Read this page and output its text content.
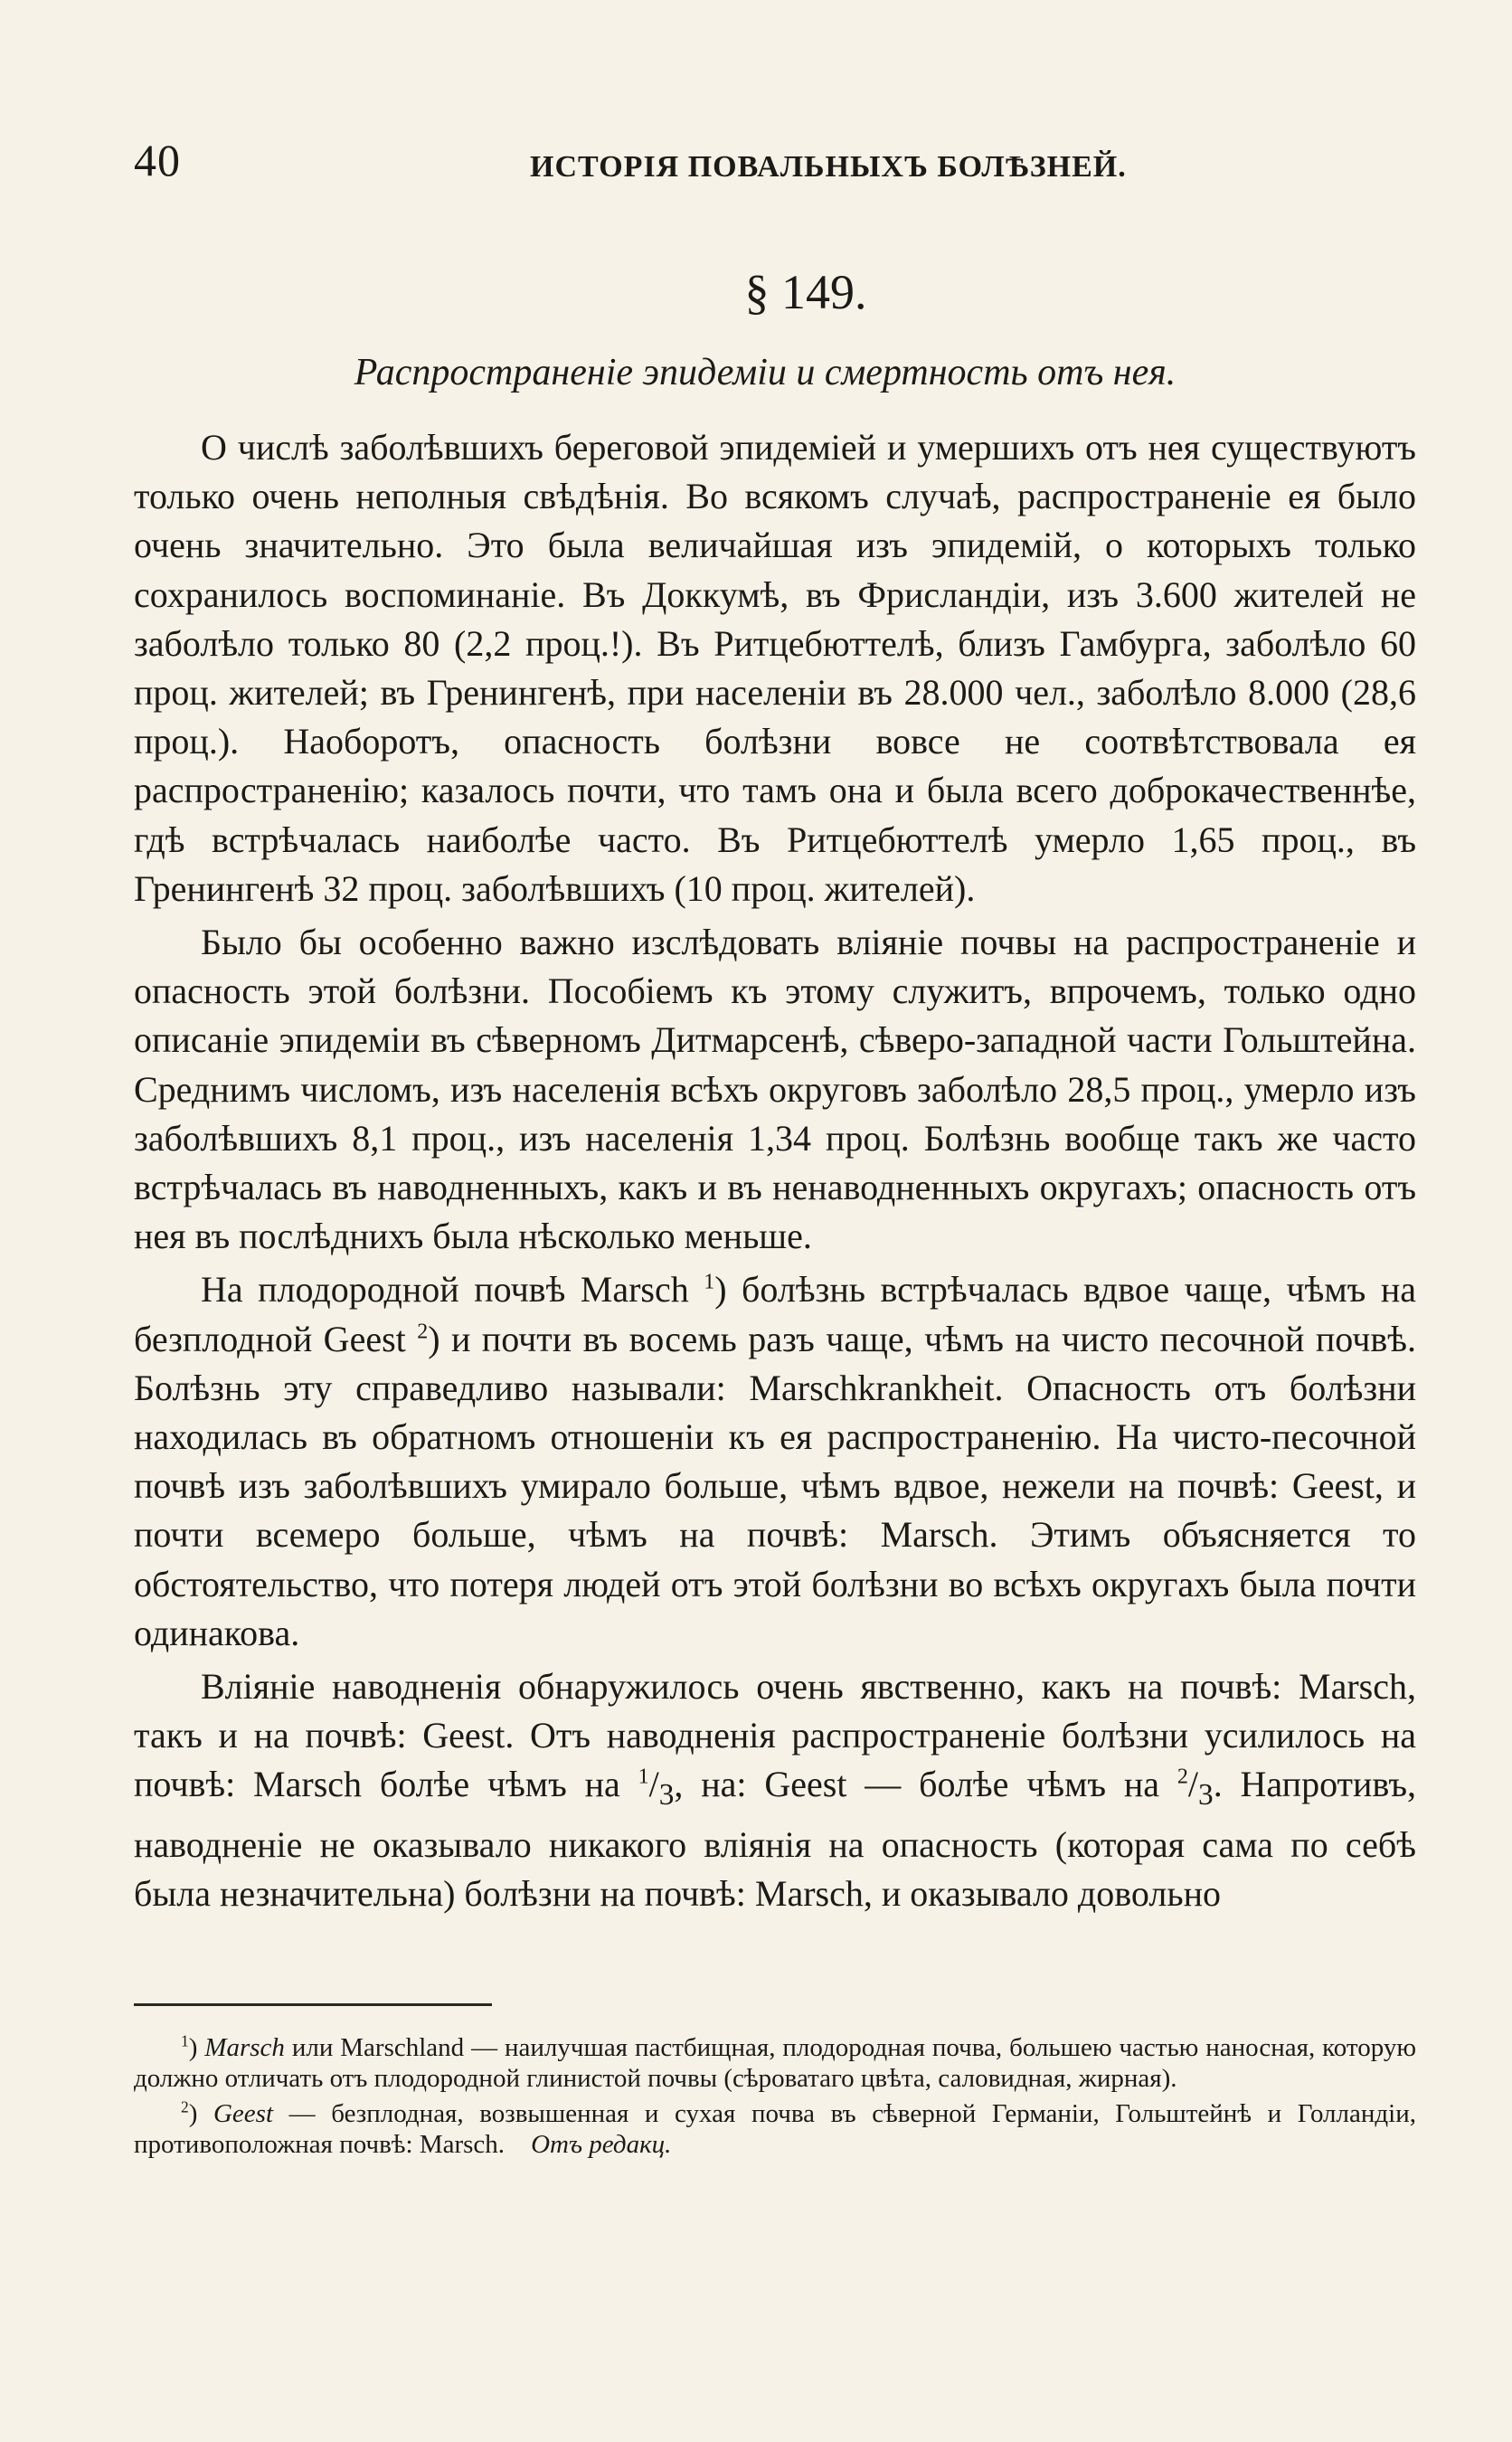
40	ИСТОРІЯ ПОВАЛЬНЫХЪ БОЛѢЗНЕЙ.
§ 149.
Распространеніе эпидеміи и смертность отъ нея.

О числѣ заболѣвшихъ береговой эпидеміей и умершихъ отъ нея существуютъ только очень неполныя свѣдѣнія. Во всякомъ случаѣ, распространеніе ея было очень значительно. Это была величайшая изъ эпидемій, о которыхъ только сохранилось воспоминаніе. Въ Доккумѣ, въ Фрисландіи, изъ 3.600 жителей не заболѣло только 80 (2,2 проц.!). Въ Ритцебюттелѣ, близъ Гамбурга, заболѣло 60 проц. жителей; въ Гренингенѣ, при населеніи въ 28.000 чел., заболѣло 8.000 (28,6 проц.). Наоборотъ, опасность болѣзни вовсе не соотвѣтствовала ея распространенію; казалось почти, что тамъ она и была всего доброкачественнѣе, гдѣ встрѣчалась наиболѣе часто. Въ Ритцебюттелѣ умерло 1,65 проц., въ Гренингенѣ 32 проц. заболѣвшихъ (10 проц. жителей).

Было бы особенно важно изслѣдовать вліяніе почвы на распространеніе и опасность этой болѣзни. Пособіемъ къ этому служитъ, впрочемъ, только одно описаніе эпидеміи въ сѣверномъ Дитмарсенѣ, сѣверо-западной части Гольштейна. Среднимъ числомъ, изъ населенія всѣхъ округовъ заболѣло 28,5 проц., умерло изъ заболѣвшихъ 8,1 проц., изъ населенія 1,34 проц. Болѣзнь вообще такъ же часто встрѣчалась въ наводненныхъ, какъ и въ ненаводненныхъ округахъ; опасность отъ нея въ послѣднихъ была нѣсколько меньше.

На плодородной почвѣ Marsch $^1$) болѣзнь встрѣчалась вдвое чаще, чѣмъ на безплодной Geest $^2$) и почти въ восемь разъ чаще, чѣмъ на чисто песочной почвѣ. Болѣзнь эту справедливо называли: Marschkrankheit. Опасность отъ болѣзни находилась въ обратномъ отношеніи къ ея распространенію. На чисто-песочной почвѣ изъ заболѣвшихъ умирало больше, чѣмъ вдвое, нежели на почвѣ: Geest, и почти всемеро больше, чѣмъ на почвѣ: Marsch. Этимъ объясняется то обстоятельство, что потеря людей отъ этой болѣзни во всѣхъ округахъ была почти одинакова.

Вліяніе наводненія обнаружилось очень явственно, какъ на почвѣ: Marsch, такъ и на почвѣ: Geest. Отъ наводненія распространеніе болѣзни усилилось на почвѣ: Marsch болѣе чѣмъ на $^1/_3$, на: Geest — болѣе чѣмъ на $^2/_3$. Напротивъ, наводненіе не оказывало никакого вліянія на опасность (которая сама по себѣ была незначительна) болѣзни на почвѣ: Marsch, и оказывало довольно

$^1$) Marsch или Marschland — наилучшая пастбищная, плодородная почва, большею частью наносная, которую должно отличать отъ плодородной глинистой почвы (сѣроватаго цвѣта, саловидная, жирная).

$^2$) Geest — безплодная, возвышенная и сухая почва въ сѣверной Германіи, Гольштейнѣ и Голландіи, противоположная почвѣ: Marsch. Отъ редакц.
